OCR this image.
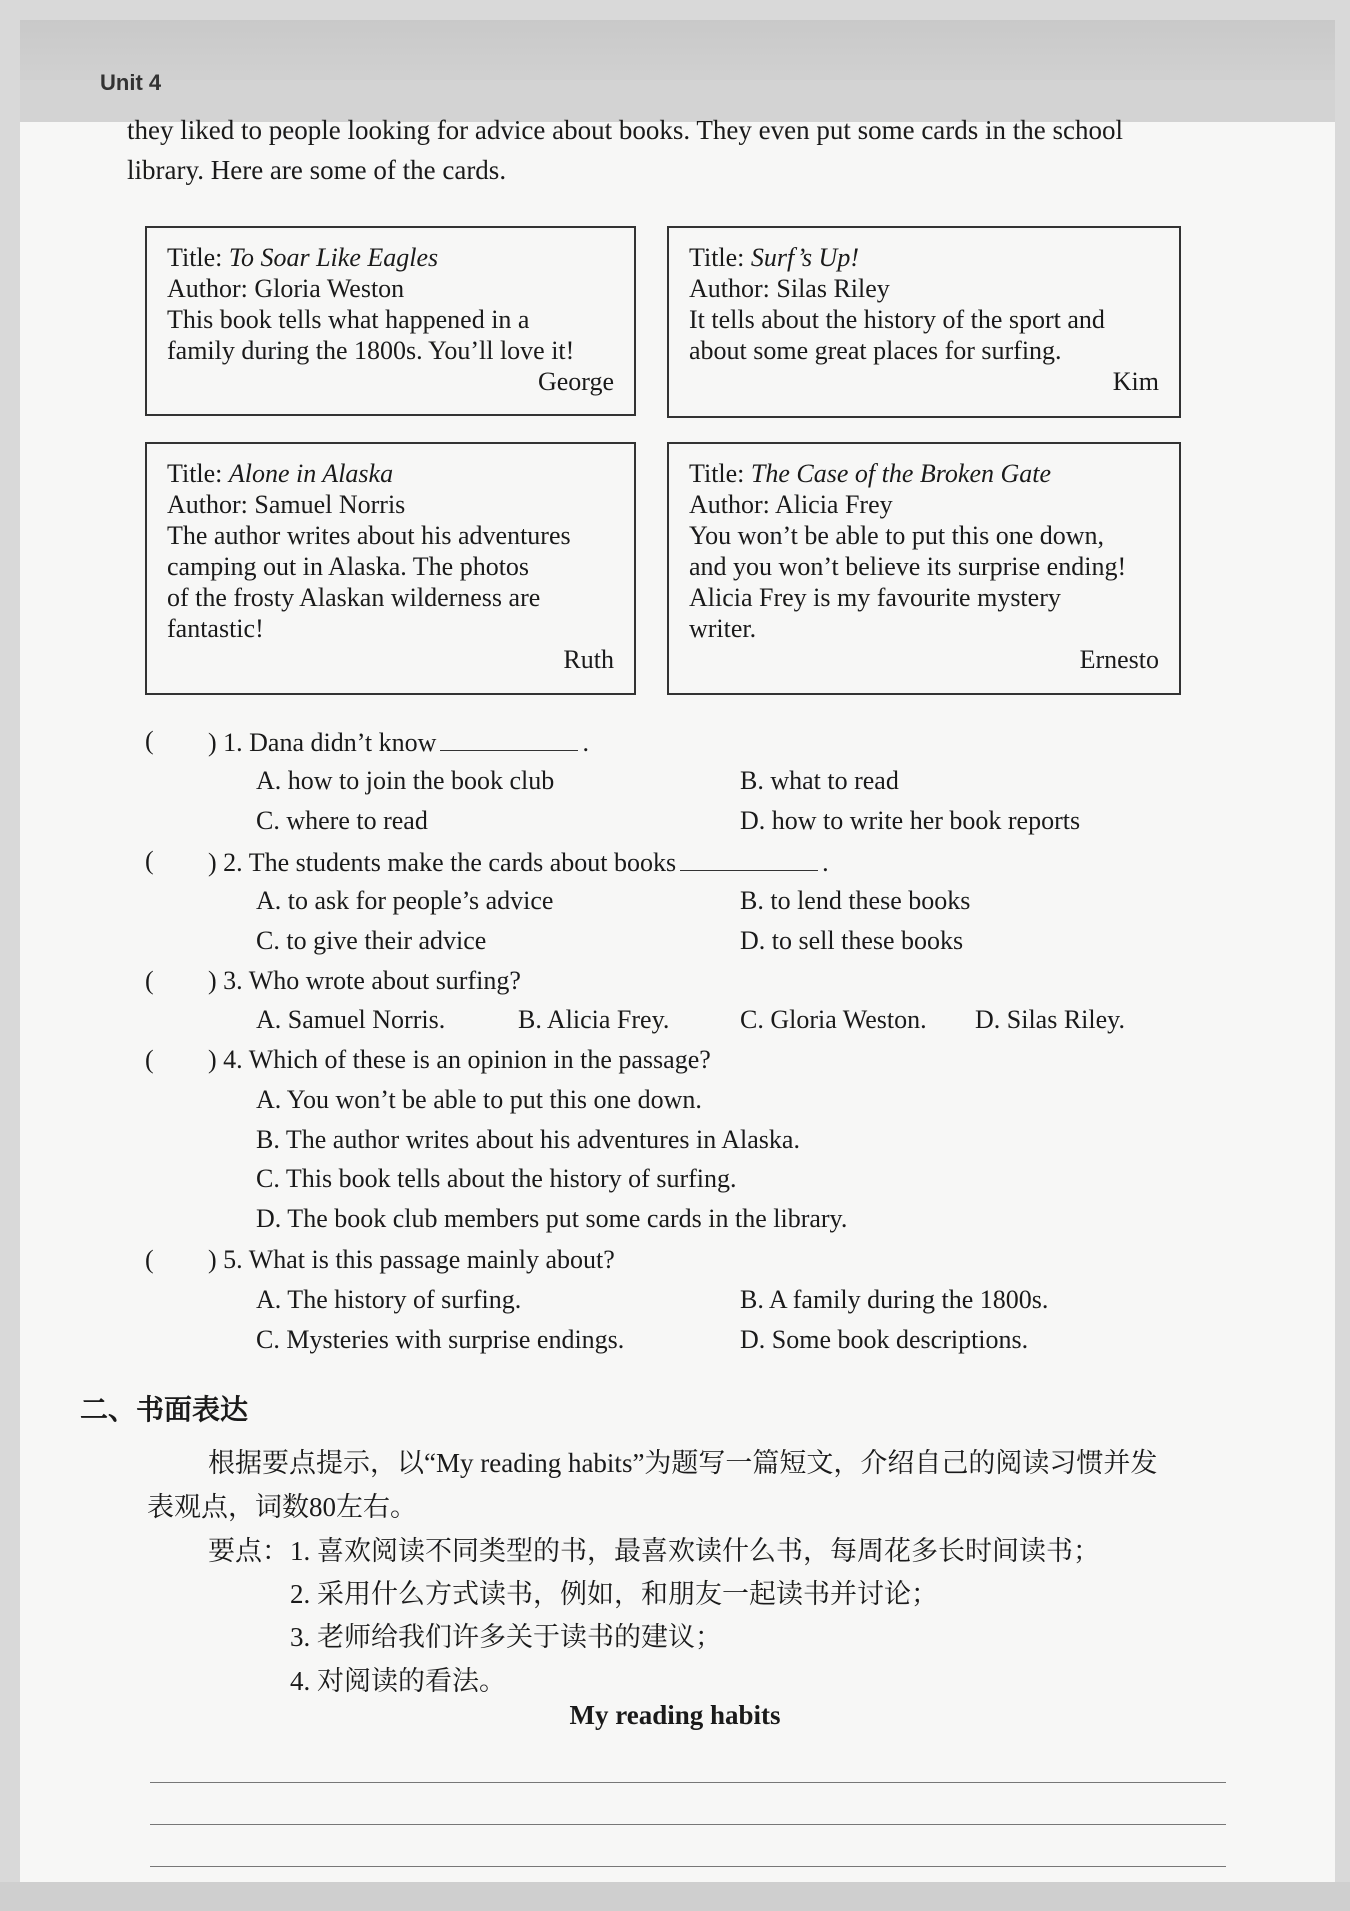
Unit 4
they liked to people looking for advice about books. They even put some cards in the school
library. Here are some of the cards.
Title: To Soar Like Eagles
Author: Gloria Weston
This book tells what happened in a
family during the 1800s. You’ll love it!
George
Title: Surf’s Up!
Author: Silas Riley
It tells about the history of the sport and
about some great places for surfing.
Kim
Title: Alone in Alaska
Author: Samuel Norris
The author writes about his adventures
camping out in Alaska. The photos
of the frosty Alaskan wilderness are
fantastic!
Ruth
Title: The Case of the Broken Gate
Author: Alicia Frey
You won’t be able to put this one down,
and you won’t believe its surprise ending!
Alicia Frey is my favourite mystery
writer.
Ernesto
( ) 1. Dana didn’t know	.
A. how to join the book club	B. what to read
C. where to read	D. how to write her book reports
( ) 2. The students make the cards about books	.
A. to ask for people’s advice	B. to lend these books
C. to give their advice	D. to sell these books
( ) 3. Who wrote about surfing?
A. Samuel Norris.	B. Alicia Frey.	C. Gloria Weston. D. Silas Riley.
( ) 4. Which of these is an opinion in the passage?
A. You won’t be able to put this one down.
B. The author writes about his adventures in Alaska.
C. This book tells about the history of surfing.
D. The book club members put some cards in the library.
( ) 5. What is this passage mainly about?
A. The history of surfing.	B. A family during the 1800s.
C. Mysteries with surprise endings.	D. Some book descriptions.
二、书面表达
根据要点提示，以“My reading habits”为题写一篇短文，介绍自己的阅读习惯并发
表观点，词数80左右。
要点： 1. 喜欢阅读不同类型的书，最喜欢读什么书，每周花多长时间读书；
2. 采用什么方式读书，例如，和朋友一起读书并讨论；
3. 老师给我们许多关于读书的建议；
4. 对阅读的看法。
My reading habits
